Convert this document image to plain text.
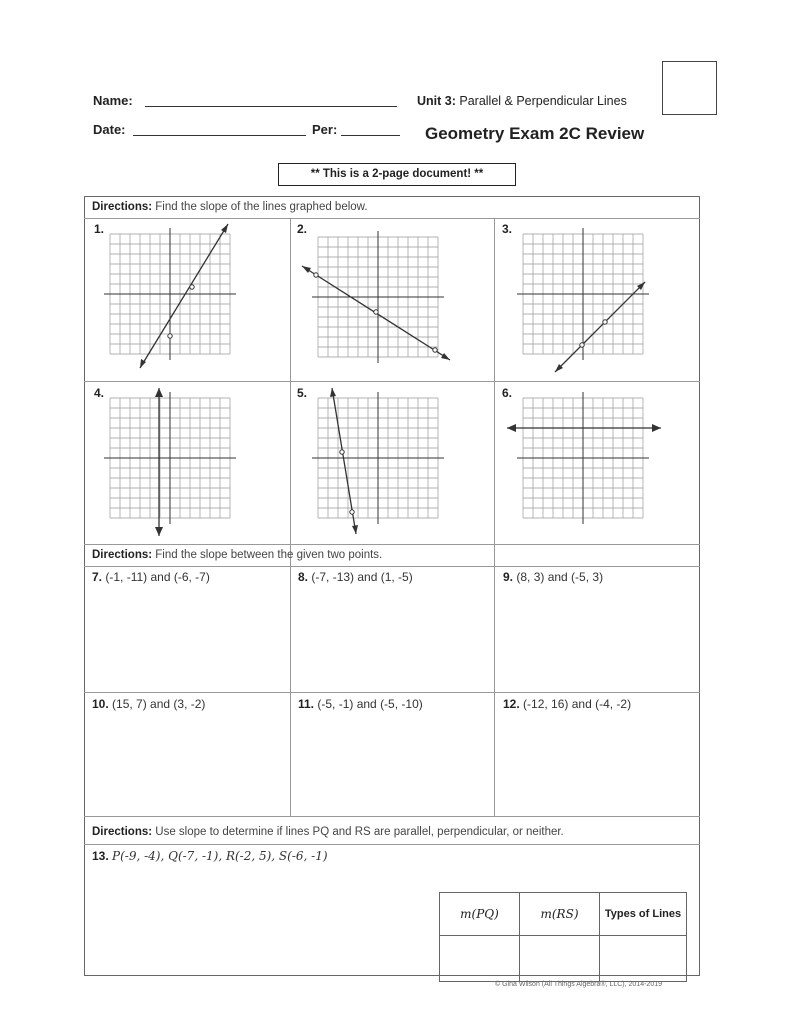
Name:
Date:	Per:
Unit 3: Parallel & Perpendicular Lines
Geometry Exam 2C Review
** This is a 2-page document! **
Directions: Find the slope of the lines graphed below.
1.	2.	3.
4.	5.	6.
Directions: Find the slope between the given two points.
7. (-1, -11) and (-6, -7)	8. (-7, -13) and (1, -5)	9. (8, 3) and (-5, 3)
10. (15, 7) and (3, -2)	11. (-5, -1) and (-5, -10)	12. (-12, 16) and (-4, -2)
Directions: Use slope to determine if lines PQ and RS are parallel, perpendicular, or neither.
13. P(-9, -4), Q(-7, -1), R(-2, 5), S(-6, -1)
m(PQ)	m(RS)	Types of Lines

© Gina Wilson (All Things Algebra®, LLC), 2014-2019
